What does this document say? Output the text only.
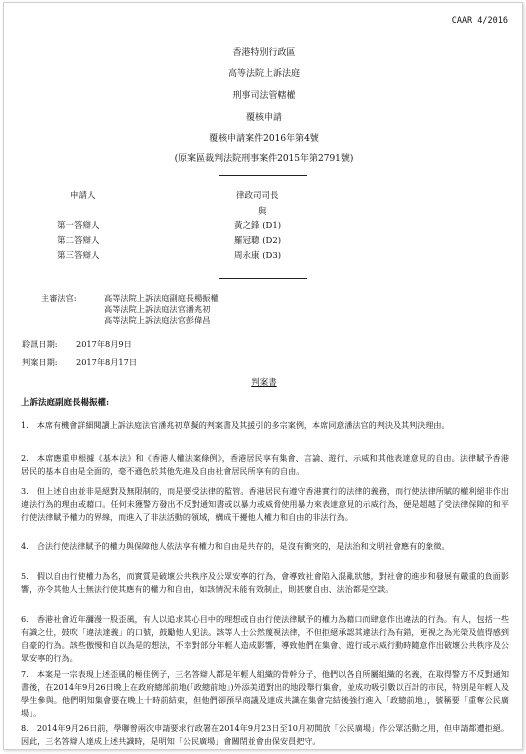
CAAR 4/2016
香港特別行政區
高等法院上訴法庭
刑事司法管轄權
覆核申請
覆核申請案件2016年第4號
(原案區裁判法院刑事案件2015年第2791號)
申請人	律政司司長
與
第一答辯人	黃之鋒 (D1)
第二答辯人	羅冠聰 (D2)
第三答辯人	周永康 (D3)
主審法官:	高等法院上訴法庭副庭長楊振權
高等法院上訴法庭法官潘兆初
高等法院上訴法庭法官彭偉昌
聆訊日期: 2017年8月9日
判案日期: 2017年8月17日
判案書
上訴法庭副庭長楊振權:
1.　本席有機會詳細閱讀上訴法庭法官潘兆初草擬的判案書及其援引的多宗案例，本席同意潘法官的判決及其判決理由。
2.　本席應重申根據《基本法》和《香港人權法案條例》，香港居民享有集會、言論、遊行、示威和其他表達意見的自由。法律賦予香港居民的基本自由是全面的，毫不遜色於其他先進及自由社會居民所享有的自由。
3.　但上述自由並非是絕對及無限制的，而是要受法律的監管。香港居民有遵守香港實行的法律的義務，而行使法律所賦的權利絕非作出違法行為的理由或藉口。任何未獲警方發出不反對通知書或以暴力或威脅使用暴力來表達意見的示威行為，便是超越了受法律保障的和平行使法律賦予權力的界線，而進入了非法活動的領域，構成干擾他人權力和自由的非法行為。
4.　合法行使法律賦予的權力與保障他人依法享有權力和自由是共存的，是沒有衝突的，是法治和文明社會應有的象徵。
5.　假以自由行使權力為名，而實質是破壞公共秩序及公眾安寧的行為，會導致社會陷入混亂狀態，對社會的進步和發展有嚴重的負面影響，亦令其他人士無法行使其應有的權力和自由，如該情況未能有效制止，則甚麼自由、法治都是空談。
6.　香港社會近年瀰漫一股歪風，有人以追求其心目中的理想或自由行使法律賦予的權力為藉口而肆意作出違法的行為。有人，包括一些有識之仕，鼓吹「違法達義」的口號，鼓勵他人犯法。該等人士公然蔑視法律，不但拒絕承認其違法行為有錯，更視之為光榮及值得感到自豪的行為。該些傲慢和自以為是的想法，不幸對部分年輕人造成影響，導致他們在集會、遊行或示威行動時隨意作出破壞公共秩序及公眾安寧的行為。
7.　本案是一宗表現上述歪風的極佳例子，三名答辯人都是年輕人組織的骨幹分子，他們以各自所屬組織的名義，在取得警方不反對通知書後，在2014年9月26日晚上在政府總部前地(「政總前地」)外添美道對出的地段舉行集會，並成功吸引數以百計的市民，特別是年輕人及學生參與。他們明知集會要在晚上十時前結束，但他們卻預早商議及達成共識在集會完結後強行進入「政總前地」，號稱要「重奪公民廣場」。
8.　2014年9月26日前，學聯曾兩次申請要求行政署在2014年9月23日至10月初開放「公民廣場」作公眾活動之用，但申請都遭拒絕。因此，三名答辯人達成上述共識時，是明知「公民廣場」會關閉並會由保安員把守。
